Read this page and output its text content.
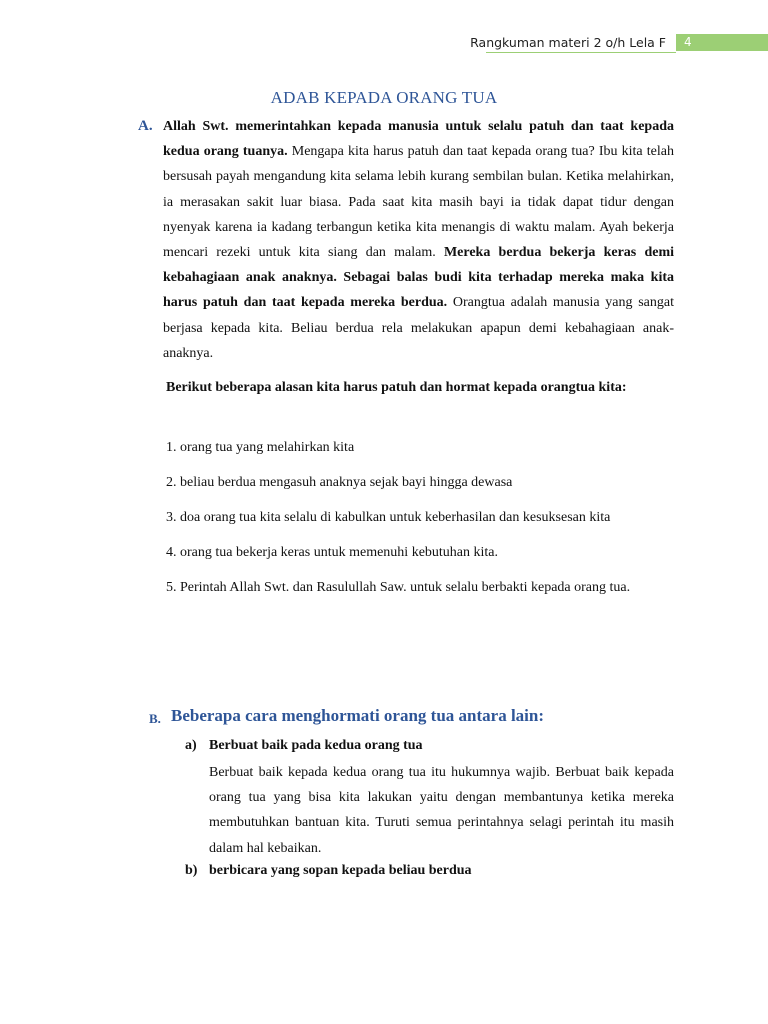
Rangkuman materi 2 o/h Lela F	4
ADAB KEPADA ORANG TUA
A. Allah Swt. memerintahkan kepada manusia untuk selalu patuh dan taat kepada kedua orang tuanya. Mengapa kita harus patuh dan taat kepada orang tua? Ibu kita telah bersusah payah mengandung kita selama lebih kurang sembilan bulan. Ketika melahirkan, ia merasakan sakit luar biasa. Pada saat kita masih bayi ia tidak dapat tidur dengan nyenyak karena ia kadang terbangun ketika kita menangis di waktu malam. Ayah bekerja mencari rezeki untuk kita siang dan malam. Mereka berdua bekerja keras demi kebahagiaan anak anaknya. Sebagai balas budi kita terhadap mereka maka kita harus patuh dan taat kepada mereka berdua. Orangtua adalah manusia yang sangat berjasa kepada kita. Beliau berdua rela melakukan apapun demi kebahagiaan anak-anaknya.

Berikut beberapa alasan kita harus patuh dan hormat kepada orangtua kita:

1. orang tua yang melahirkan kita

2. beliau berdua mengasuh anaknya sejak bayi hingga dewasa

3. doa orang tua kita selalu di kabulkan untuk keberhasilan dan kesuksesan kita

4. orang tua bekerja keras untuk memenuhi kebutuhan kita.

5. Perintah Allah Swt. dan Rasulullah Saw. untuk selalu berbakti kepada orang tua.

B. Beberapa cara menghormati orang tua antara lain:
a) Berbuat baik pada kedua orang tua

Berbuat baik kepada kedua orang tua itu hukumnya wajib. Berbuat baik kepada orang tua yang bisa kita lakukan yaitu dengan membantunya ketika mereka membutuhkan bantuan kita. Turuti semua perintahnya selagi perintah itu masih dalam hal kebaikan.

b) berbicara yang sopan kepada beliau berdua
